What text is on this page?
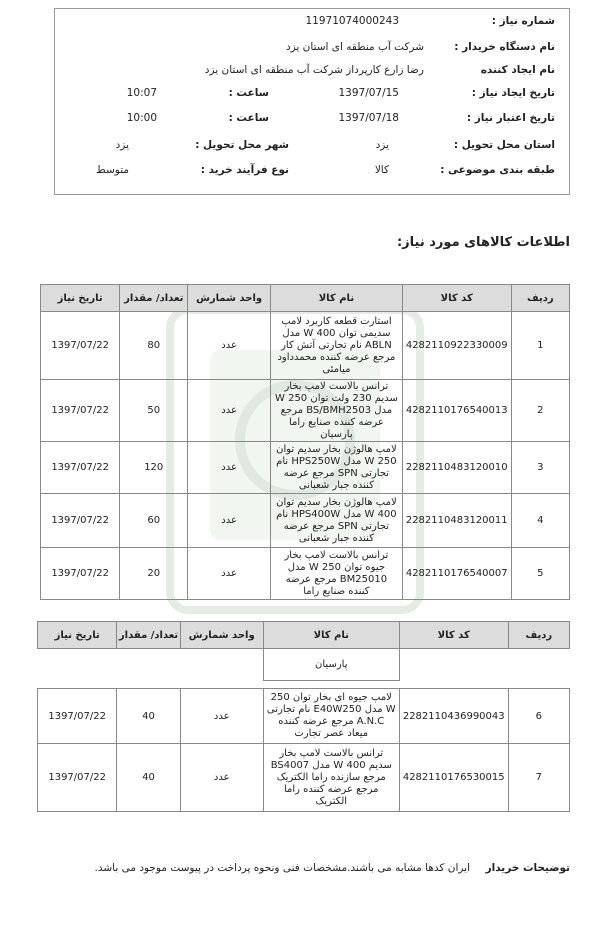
شماره نیاز :
11971074000243
نام دستگاه خریدار :
شرکت آب منطقه ای استان یزد
نام ایجاد کننده
رضا زارع کارپرداز شرکت آب منطقه ای استان یزد
تاریخ ایجاد نیاز :
1397/07/15
ساعت :
10:07
تاریخ اعتبار نیاز :
1397/07/18
ساعت :
10:00
استان محل تحویل :
یزد
شهر محل تحویل :
یزد
طبقه بندی موضوعی :
کالا
نوع فرآیند خرید :
متوسط
اطلاعات کالاهای مورد نیاز:
ردیف	کد کالا	نام کالا	واحد شمارش	تعداد/ مقدار	تاریخ نیاز
1	4282110922330009	استارت قطعه کاربرد لامپ سدیمی توان 400 W مدل ABLN نام تجارتی آتش کار مرجع عرضه کننده محمدداود میامئی	عدد	80	1397/07/22
2	4282110176540013	ترانس بالاست لامپ بخار سدیم 230 ولت توان 250 W مدل BS/BMH2503 مرجع عرضه کننده صنایع راما پارسیان	عدد	50	1397/07/22
3	2282110483120010	لامپ هالوژن بخار سدیم توان 250 W مدل HPS250W نام تجارتی SPN مرجع عرضه کننده جبار شعبانی	عدد	120	1397/07/22
4	2282110483120011	لامپ هالوژن بخار سدیم توان 400 W مدل HPS400W نام تجارتی SPN مرجع عرضه کننده جبار شعبانی	عدد	60	1397/07/22
5	4282110176540007	ترانس بالاست لامپ بخار جیوه توان 250 W مدل BM25010 مرجع عرضه کننده صنایع راما	عدد	20	1397/07/22
ردیف	کد کالا	نام کالا	واحد شمارش	تعداد/ مقدار	تاریخ نیاز
		پارسیان			

6	2282110436990043	لامپ جیوه ای بخار توان 250 W مدل E40W250 نام تجارتی A.N.C مرجع عرضه کننده میعاد عصر تجارت	عدد	40	1397/07/22
7	4282110176530015	ترانس بالاست لامپ بخار سدیم 400 W مدل BS4007 مرجع سازنده راما الکتریک مرجع عرضه کننده راما الکتریک	عدد	40	1397/07/22
توضیحات خریدار
ایران کدها مشابه می باشند.مشخصات فنی ونحوه پرداخت در پیوست موجود می باشد.
